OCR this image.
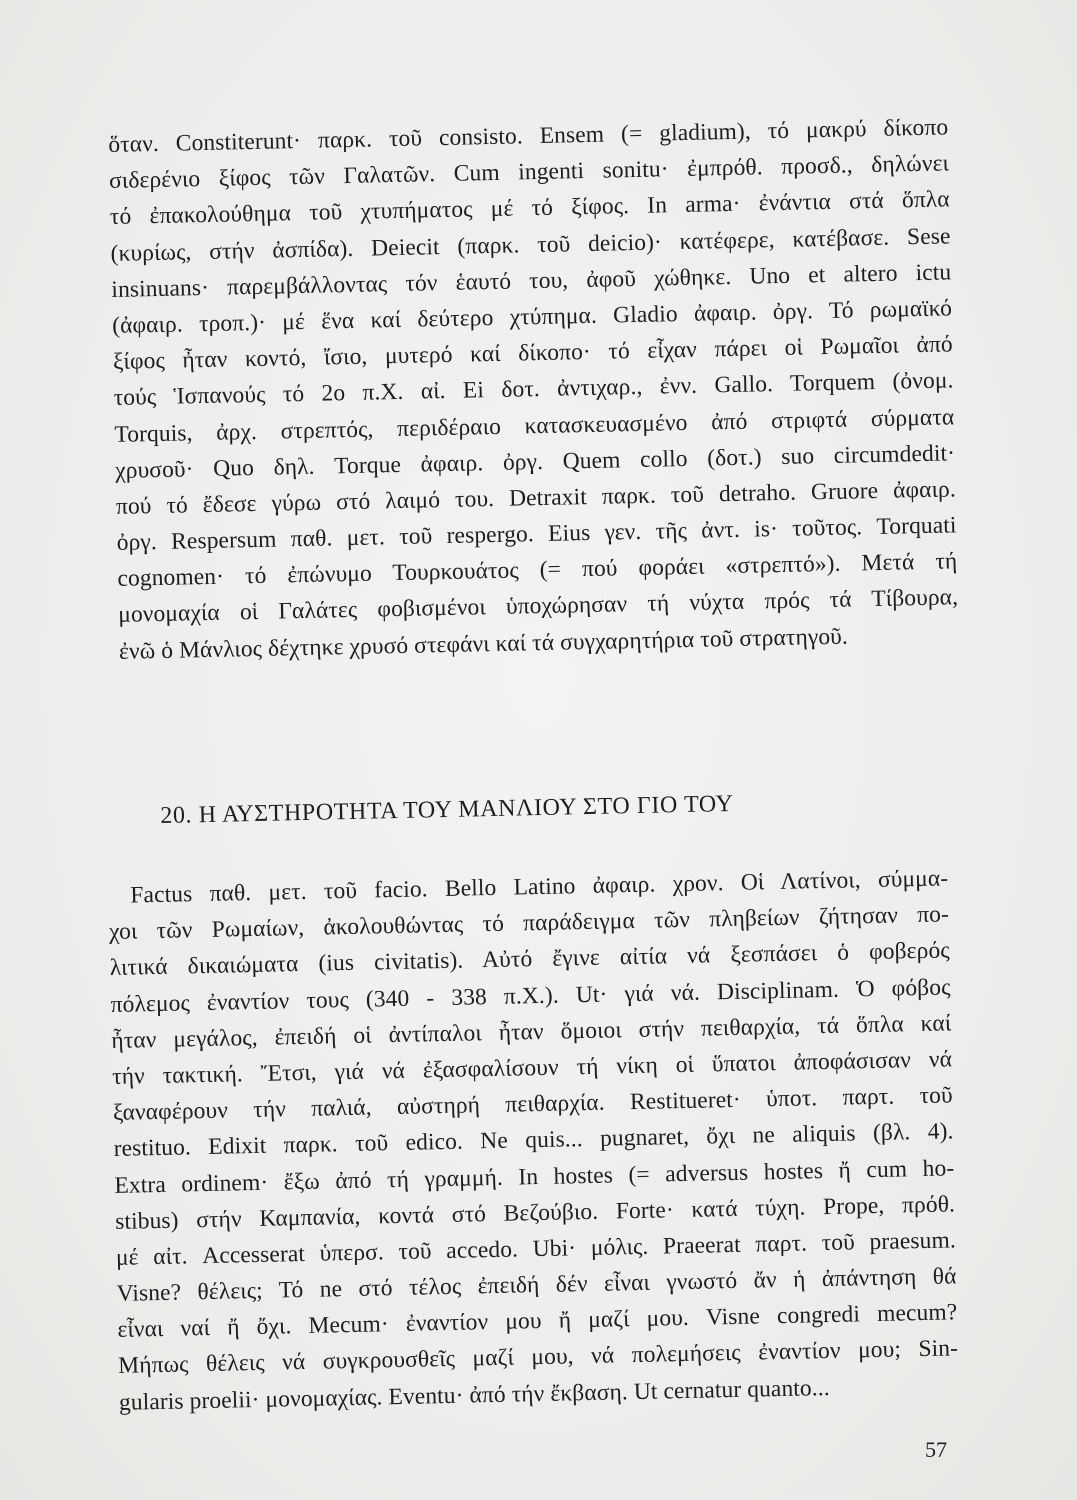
ὅταν. Constiterunt· παρκ. τοῦ consisto. Ensem (= gladium), τό μακρύ δίκοπο
σιδερένιο ξίφος τῶν Γαλατῶν. Cum ingenti sonitu· ἐμπρόθ. προσδ., δηλώνει
τό ἐπακολούθημα τοῦ χτυπήματος μέ τό ξίφος. In arma· ἐνάντια στά ὅπλα
(κυρίως, στήν ἀσπίδα). Deiecit (παρκ. τοῦ deicio)· κατέφερε, κατέβασε. Sese
insinuans· παρεμβάλλοντας τόν ἑαυτό του, ἀφοῦ χώθηκε. Uno et altero ictu
(ἀφαιρ. τροπ.)· μέ ἕνα καί δεύτερο χτύπημα. Gladio ἀφαιρ. ὀργ. Τό ρωμαϊκό
ξίφος ἦταν κοντό, ἴσιο, μυτερό καί δίκοπο· τό εἶχαν πάρει οἱ Ρωμαῖοι ἀπό
τούς Ἱσπανούς τό 2ο π.Χ. αἰ. Ei δοτ. ἀντιχαρ., ἐνν. Gallo. Torquem (ὀνομ.
Torquis, ἀρχ. στρεπτός, περιδέραιο κατασκευασμένο ἀπό στριφτά σύρματα
χρυσοῦ· Quo δηλ. Torque ἀφαιρ. ὀργ. Quem collo (δοτ.) suo circumdedit·
πού τό ἔδεσε γύρω στό λαιμό του. Detraxit παρκ. τοῦ detraho. Gruore ἀφαιρ.
ὀργ. Respersum παθ. μετ. τοῦ respergo. Eius γεν. τῆς ἀντ. is· τοῦτος. Torquati
cognomen· τό ἐπώνυμο Τουρκουάτος (= πού φοράει «στρεπτό»). Μετά τή
μονομαχία οἱ Γαλάτες φοβισμένοι ὑποχώρησαν τή νύχτα πρός τά Τίβουρα,
ἐνῶ ὁ Μάνλιος δέχτηκε χρυσό στεφάνι καί τά συγχαρητήρια τοῦ στρατηγοῦ.

20. Η ΑΥΣΤΗΡΟΤΗΤΑ ΤΟΥ ΜΑΝΛΙΟΥ ΣΤΟ ΓΙΟ ΤΟΥ

Factus παθ. μετ. τοῦ facio. Bello Latino ἀφαιρ. χρον. Οἱ Λατίνοι, σύμμα-
χοι τῶν Ρωμαίων, ἀκολουθώντας τό παράδειγμα τῶν πληβείων ζήτησαν πο-
λιτικά δικαιώματα (ius civitatis). Αὐτό ἔγινε αἰτία νά ξεσπάσει ὁ φοβερός
πόλεμος ἐναντίον τους (340 - 338 π.Χ.). Ut· γιά νά. Disciplinam. Ὁ φόβος
ἦταν μεγάλος, ἐπειδή οἱ ἀντίπαλοι ἦταν ὅμοιοι στήν πειθαρχία, τά ὅπλα καί
τήν τακτική. Ἔτσι, γιά νά ἐξασφαλίσουν τή νίκη οἱ ὕπατοι ἀποφάσισαν νά
ξαναφέρουν τήν παλιά, αὐστηρή πειθαρχία. Restitueret· ὑποτ. παρτ. τοῦ
restituo. Edixit παρκ. τοῦ edico. Ne quis... pugnaret, ὄχι ne aliquis (βλ. 4).
Extra ordinem· ἔξω ἀπό τή γραμμή. In hostes (= adversus hostes ἤ cum ho-
stibus) στήν Καμπανία, κοντά στό Βεζούβιο. Forte· κατά τύχη. Prope, πρόθ.
μέ αἰτ. Accesserat ὑπερσ. τοῦ accedo. Ubi· μόλις. Praeerat παρτ. τοῦ praesum.
Visne? θέλεις; Τό ne στό τέλος ἐπειδή δέν εἶναι γνωστό ἄν ἡ ἀπάντηση θά
εἶναι ναί ἤ ὄχι. Mecum· ἐναντίον μου ἤ μαζί μου. Visne congredi mecum?
Μήπως θέλεις νά συγκρουσθεῖς μαζί μου, νά πολεμήσεις ἐναντίον μου; Sin-
gularis proelii· μονομαχίας. Eventu· ἀπό τήν ἔκβαση. Ut cernatur quanto...

57
